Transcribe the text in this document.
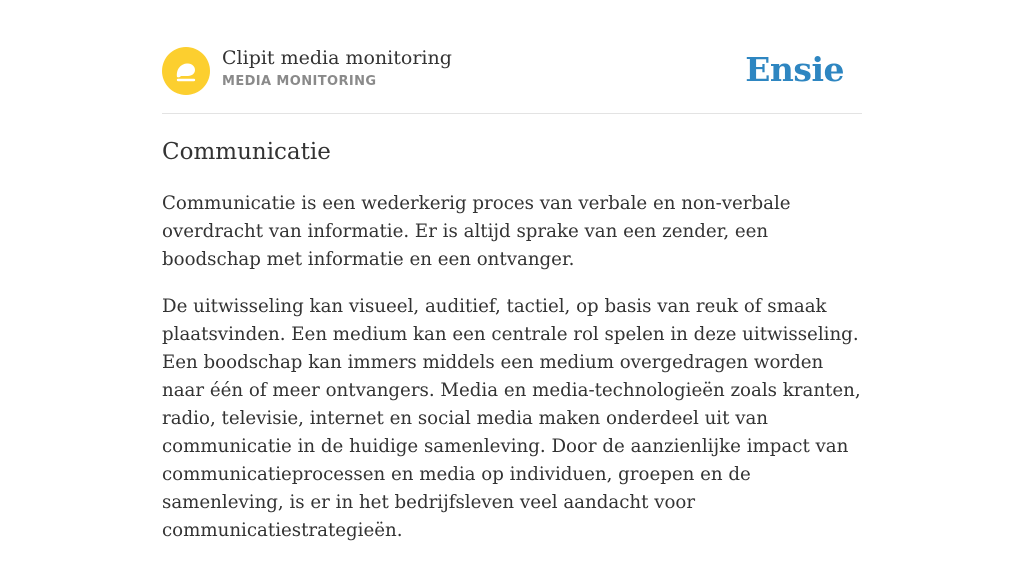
Clipit media monitoring
MEDIA MONITORING	Ensie
Communicatie

Communicatie is een wederkerig proces van verbale en non-verbale overdracht van informatie. Er is altijd sprake van een zender, een boodschap met informatie en een ontvanger.

De uitwisseling kan visueel, auditief, tactiel, op basis van reuk of smaak plaatsvinden. Een medium kan een centrale rol spelen in deze uitwisseling. Een boodschap kan immers middels een medium overgedragen worden naar één of meer ontvangers. Media en media-technologieën zoals kranten, radio, televisie, internet en social media maken onderdeel uit van communicatie in de huidige samenleving. Door de aanzienlijke impact van communicatieprocessen en media op individuen, groepen en de samenleving, is er in het bedrijfsleven veel aandacht voor communicatiestrategieën.
